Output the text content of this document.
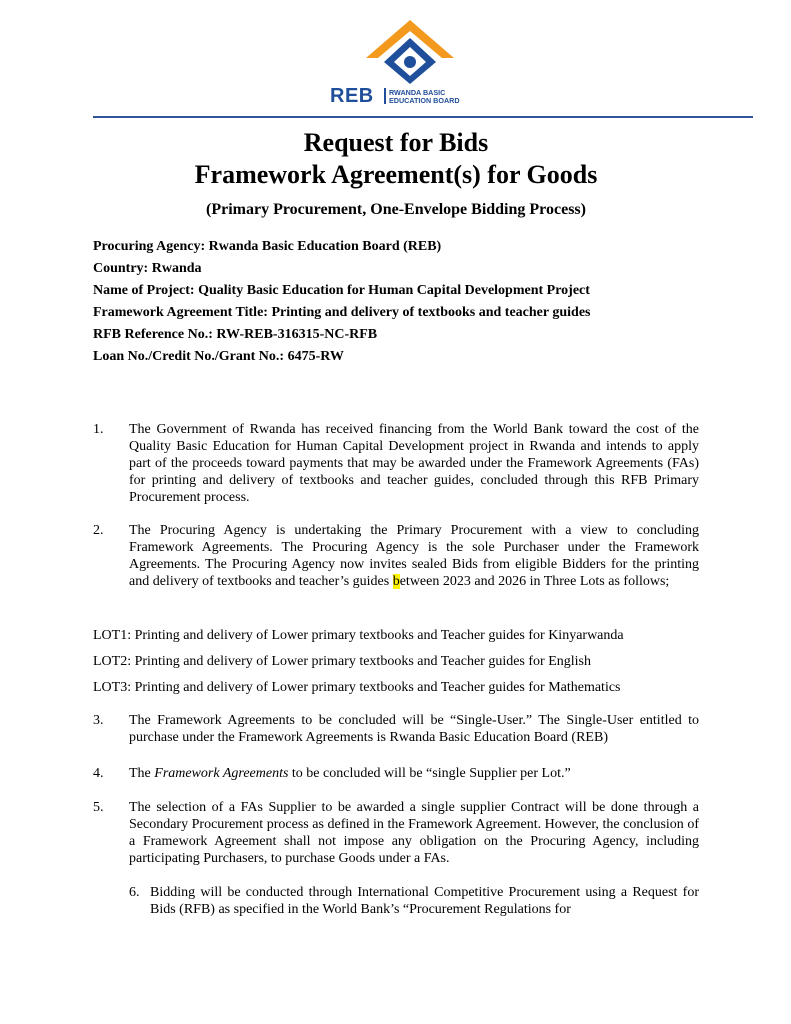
REB RWANDA BASIC
EDUCATION BOARD
Request for Bids
Framework Agreement(s) for Goods
(Primary Procurement, One-Envelope Bidding Process)
Procuring Agency: Rwanda Basic Education Board (REB)
Country: Rwanda
Name of Project: Quality Basic Education for Human Capital Development Project
Framework Agreement Title: Printing and delivery of textbooks and teacher guides
RFB Reference No.: RW-REB-316315-NC-RFB
Loan No./Credit No./Grant No.: 6475-RW
1. The Government of Rwanda has received financing from the World Bank toward the cost of the Quality Basic Education for Human Capital Development project in Rwanda and intends to apply part of the proceeds toward payments that may be awarded under the Framework Agreements (FAs) for printing and delivery of textbooks and teacher guides, concluded through this RFB Primary Procurement process.
2. The Procuring Agency is undertaking the Primary Procurement with a view to concluding Framework Agreements. The Procuring Agency is the sole Purchaser under the Framework Agreements. The Procuring Agency now invites sealed Bids from eligible Bidders for the printing and delivery of textbooks and teacher’s guides between 2023 and 2026 in Three Lots as follows;
LOT1: Printing and delivery of Lower primary textbooks and Teacher guides for Kinyarwanda
LOT2: Printing and delivery of Lower primary textbooks and Teacher guides for English
LOT3: Printing and delivery of Lower primary textbooks and Teacher guides for Mathematics
3. The Framework Agreements to be concluded will be “Single-User.” The Single-User entitled to purchase under the Framework Agreements is Rwanda Basic Education Board (REB)
4. The Framework Agreements to be concluded will be “single Supplier per Lot.”
5. The selection of a FAs Supplier to be awarded a single supplier Contract will be done through a Secondary Procurement process as defined in the Framework Agreement. However, the conclusion of a Framework Agreement shall not impose any obligation on the Procuring Agency, including participating Purchasers, to purchase Goods under a FAs.
6. Bidding will be conducted through International Competitive Procurement using a Request for Bids (RFB) as specified in the World Bank’s “Procurement Regulations for
